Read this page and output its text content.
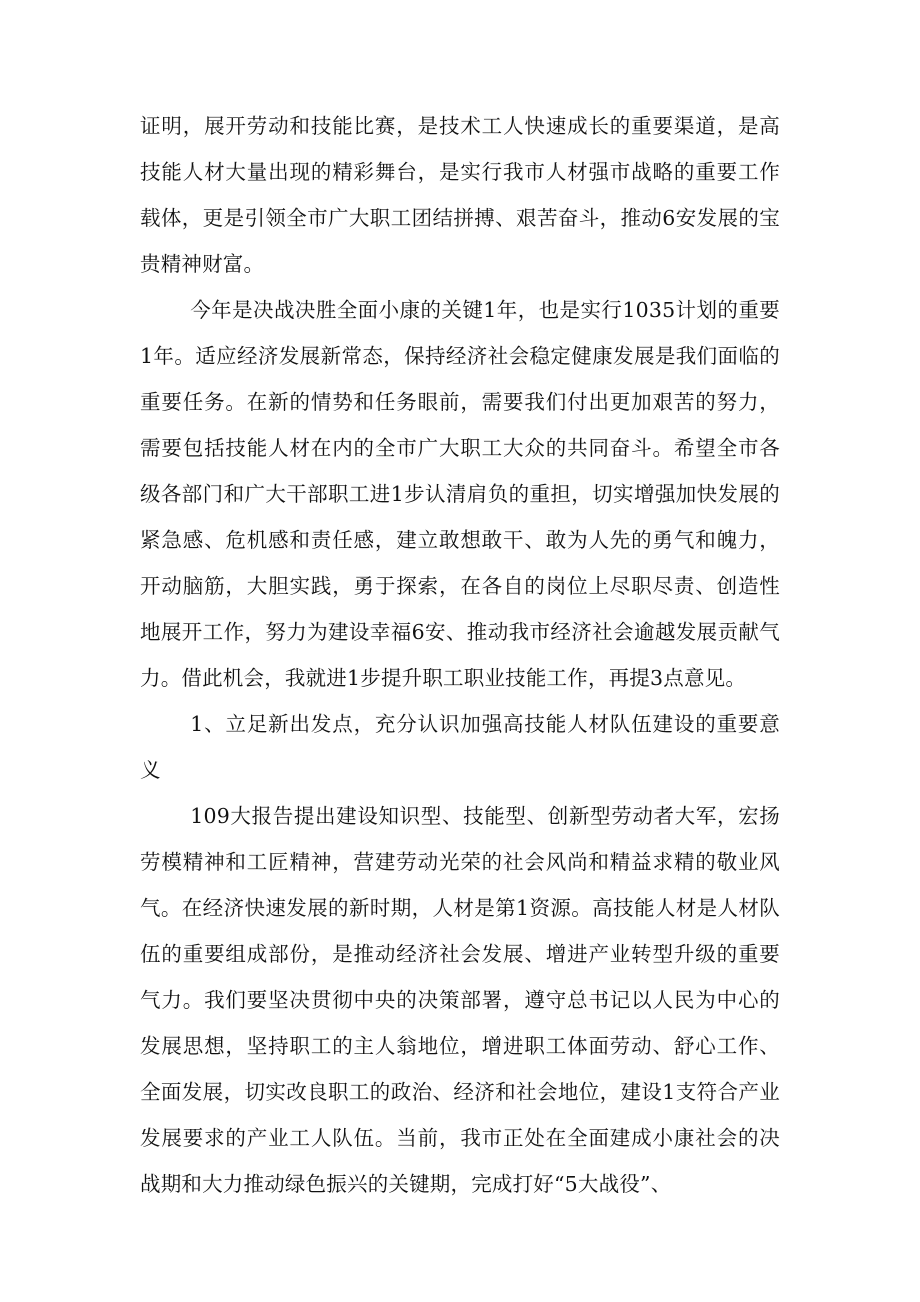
证明，展开劳动和技能比赛，是技术工人快速成长的重要渠道，是高技能人材大量出现的精彩舞台，是实行我市人材强市战略的重要工作载体，更是引领全市广大职工团结拼搏、艰苦奋斗，推动6安发展的宝贵精神财富。

今年是决战决胜全面小康的关键1年，也是实行1035计划的重要1年。适应经济发展新常态，保持经济社会稳定健康发展是我们面临的重要任务。在新的情势和任务眼前，需要我们付出更加艰苦的努力，需要包括技能人材在内的全市广大职工大众的共同奋斗。希望全市各级各部门和广大干部职工进1步认清肩负的重担，切实增强加快发展的紧急感、危机感和责任感，建立敢想敢干、敢为人先的勇气和魄力，开动脑筋，大胆实践，勇于探索，在各自的岗位上尽职尽责、创造性地展开工作，努力为建设幸福6安、推动我市经济社会逾越发展贡献气力。借此机会，我就进1步提升职工职业技能工作，再提3点意见。

1、立足新出发点，充分认识加强高技能人材队伍建设的重要意义

109大报告提出建设知识型、技能型、创新型劳动者大军，宏扬劳模精神和工匠精神，营建劳动光荣的社会风尚和精益求精的敬业风气。在经济快速发展的新时期，人材是第1资源。高技能人材是人材队伍的重要组成部份，是推动经济社会发展、增进产业转型升级的重要气力。我们要坚决贯彻中央的决策部署，遵守总书记以人民为中心的发展思想，坚持职工的主人翁地位，增进职工体面劳动、舒心工作、全面发展，切实改良职工的政治、经济和社会地位，建设1支符合产业发展要求的产业工人队伍。当前，我市正处在全面建成小康社会的决战期和大力推动绿色振兴的关键期，完成打好“5大战役”、
